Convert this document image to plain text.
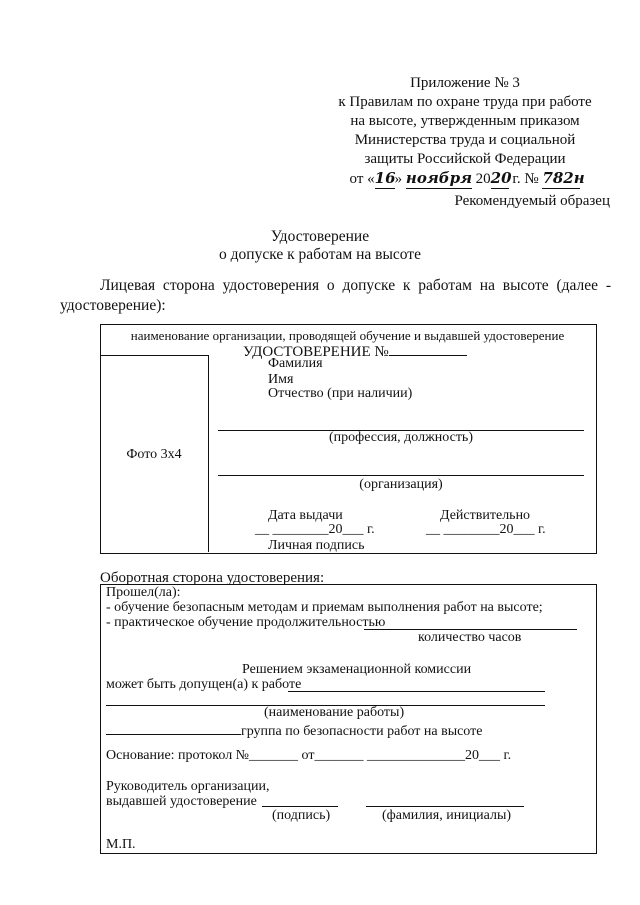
Приложение № 3
к Правилам по охране труда при работе
на высоте, утвержденным приказом
Министерства труда и социальной
защиты Российской Федерации
от «16» ноября 2020 г. № 782н
Рекомендуемый образец
Удостоверение
о допуске к работам на высоте
Лицевая сторона удостоверения о допуске к работам на высоте (далее - удостоверение):
наименование организации, проводящей обучение и выдавшей удостоверение
УДОСТОВЕРЕНИЕ №
Фото 3х4
Фамилия
Имя
Отчество (при наличии)
(профессия, должность)
(организация)
Дата выдачи	Действительно
__ ________20___ г.	__ ________20___ г.
Личная подпись
Оборотная сторона удостоверения:
Прошел(ла):
- обучение безопасным методам и приемам выполнения работ на высоте;
- практическое обучение продолжительностью
количество часов
Решением экзаменационной комиссии
может быть допущен(а) к работе
(наименование работы)
группа по безопасности работ на высоте
Основание: протокол №_______ от_______ ______________20___ г.
Руководитель организации,
выдавшей удостоверение
(подпись)	(фамилия, инициалы)
М.П.
